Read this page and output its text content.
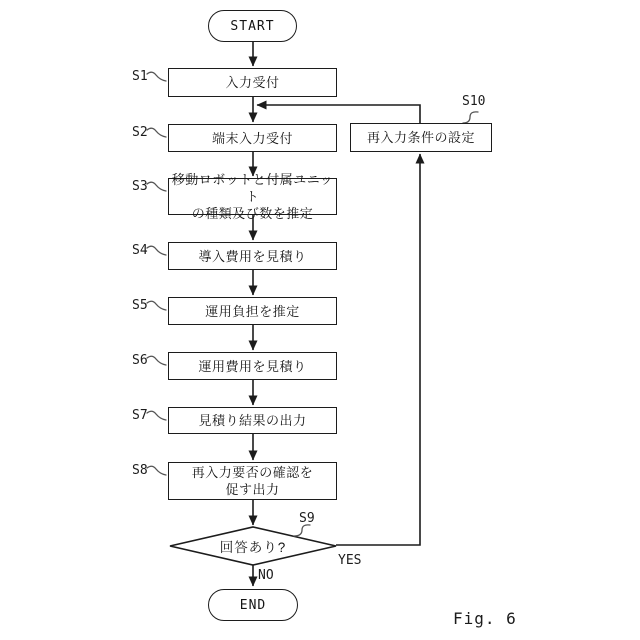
START
入力受付
端末入力受付
移動ロボットと付属ユニット
の種類及び数を推定
導入費用を見積り
運用負担を推定
運用費用を見積り
見積り結果の出力
再入力要否の確認を
促す出力
再入力条件の設定
S1
S2
S3
S4
S5
S6
S7
S8
S9
S10
回答あり?
YES
NO
END
Fig. 6
